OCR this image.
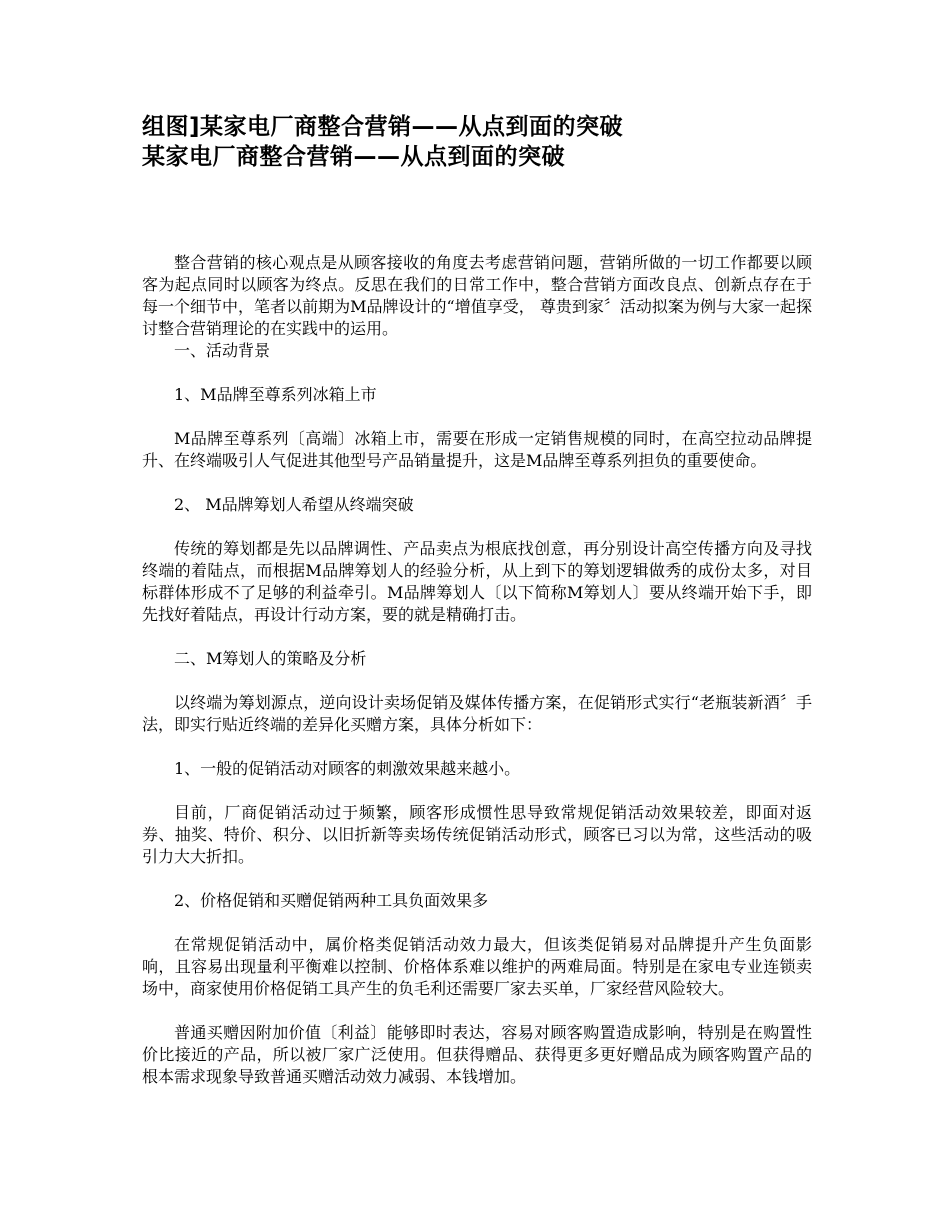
组图]某家电厂商整合营销——从点到面的突破
某家电厂商整合营销——从点到面的突破

整合营销的核心观点是从顾客接收的角度去考虑营销问题，营销所做的一切工作都要以顾客为起点同时以顾客为终点。反思在我们的日常工作中，整合营销方面改良点、创新点存在于每一个细节中，笔者以前期为M品牌设计的“增值享受， 尊贵到家〞活动拟案为例与大家一起探讨整合营销理论的在实践中的运用。

一、活动背景

1、M品牌至尊系列冰箱上市

M品牌至尊系列〔高端〕冰箱上市，需要在形成一定销售规模的同时，在高空拉动品牌提升、在终端吸引人气促进其他型号产品销量提升，这是M品牌至尊系列担负的重要使命。

2、 M品牌筹划人希望从终端突破

传统的筹划都是先以品牌调性、产品卖点为根底找创意，再分别设计高空传播方向及寻找终端的着陆点，而根据M品牌筹划人的经验分析，从上到下的筹划逻辑做秀的成份太多，对目标群体形成不了足够的利益牵引。M品牌筹划人〔以下简称M筹划人〕要从终端开始下手，即先找好着陆点，再设计行动方案，要的就是精确打击。

二、M筹划人的策略及分析

以终端为筹划源点，逆向设计卖场促销及媒体传播方案，在促销形式实行“老瓶装新酒〞手法，即实行贴近终端的差异化买赠方案，具体分析如下：

1、一般的促销活动对顾客的刺激效果越来越小。

目前，厂商促销活动过于频繁，顾客形成惯性思导致常规促销活动效果较差，即面对返券、抽奖、特价、积分、以旧折新等卖场传统促销活动形式，顾客已习以为常，这些活动的吸引力大大折扣。

2、价格促销和买赠促销两种工具负面效果多

在常规促销活动中，属价格类促销活动效力最大，但该类促销易对品牌提升产生负面影响，且容易出现量利平衡难以控制、价格体系难以维护的两难局面。特别是在家电专业连锁卖场中，商家使用价格促销工具产生的负毛利还需要厂家去买单，厂家经营风险较大。

普通买赠因附加价值〔利益〕能够即时表达，容易对顾客购置造成影响，特别是在购置性价比接近的产品，所以被厂家广泛使用。但获得赠品、获得更多更好赠品成为顾客购置产品的根本需求现象导致普通买赠活动效力减弱、本钱增加。
